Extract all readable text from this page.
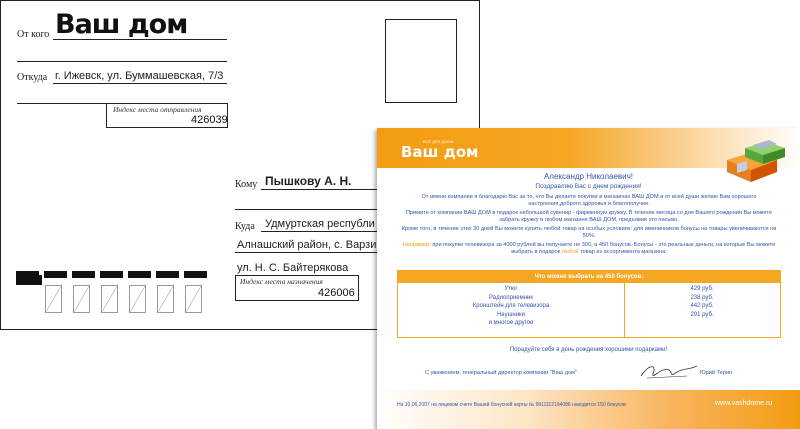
Ваш дом
От кого
Откуда г. Ижевск, ул. Буммашевская, 7/3
Индекс места отправления
426039
Кому Пышкову А. Н.
Куда Удмуртская республи
Алнашский район, с. Варзи
ул. Н. С. Байтерякова
Индекс места назначения
426006
ВСЁ ДЛЯ ДОМА
Ваш дом
Александр Николаевич!
Поздравляю Вас с днем рождения!
От имени компании я благодарю Вас за то, что Вы делаете покупки в магазинах ВАШ ДОМ и от всей души желаю Вам хорошего настроения,доброго здоровья и благополучия.
Примите от компании ВАШ ДОМ в подарок небольшой сувенир - фирменную кружку. В течение месяца со дня Вашего рождения Вы можете забрать кружку в любом магазине ВАШ ДОМ, предъявив это письмо.
Кроме того, в течение этих 30 дней Вы можете купить любой товар на особых условиях: для именинников бонусы на товары увеличиваются на 50%.
Например: при покупке телевизора за 4000 рублей вы получаете не 300, а 450 бонусов. Бонусы - это реальные деньги, на которые Вы можете выбрать в подарок любой товар из ассортимента магазина:
Что можно выбрать на 450 бонусов:
Утюг
Радиоприемник
Кронштейн для телевизора
Наушники
и многое другое
429 руб.
238 руб.
442 руб.
291 руб.
Порадуйте себя в день рождения хорошими подарками!
С уважением, генеральный директор компании "Ваш дом"	Юрий Терин
На 10.06.2007 на лицевом счете Вашей бонусной карты № 9911112194086 находится 150 бонусов	www.vashdome.ru
